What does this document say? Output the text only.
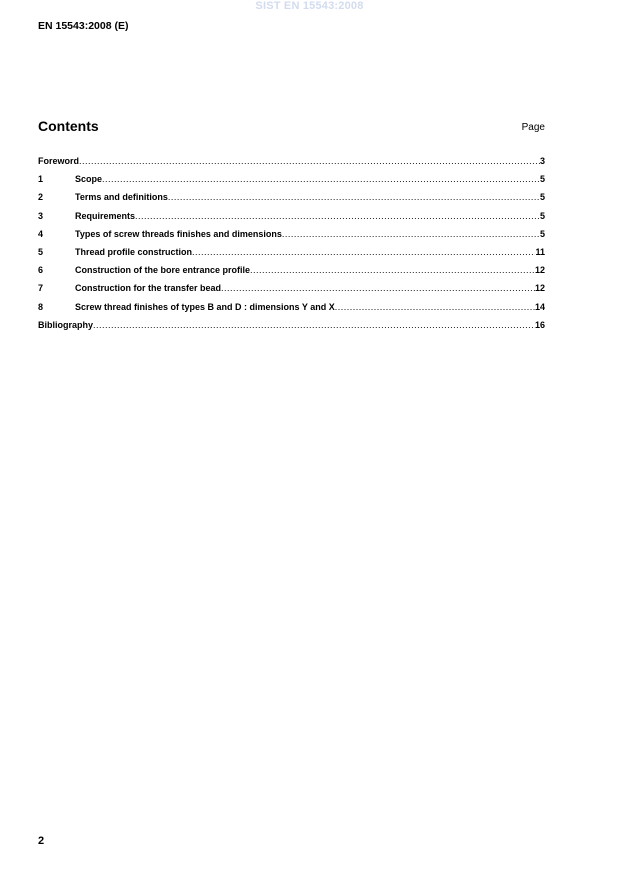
SIST EN 15543:2008
EN 15543:2008 (E)
Contents	Page
Foreword .....	3
1	Scope .....	5
2	Terms and definitions .....	5
3	Requirements .....	5
4	Types of screw threads finishes and dimensions .....	5
5	Thread profile construction .....	11
6	Construction of the bore entrance profile .....	12
7	Construction for the transfer bead .....	12
8	Screw thread finishes of types B and D : dimensions Y and X .....	14
Bibliography .....	16
2
